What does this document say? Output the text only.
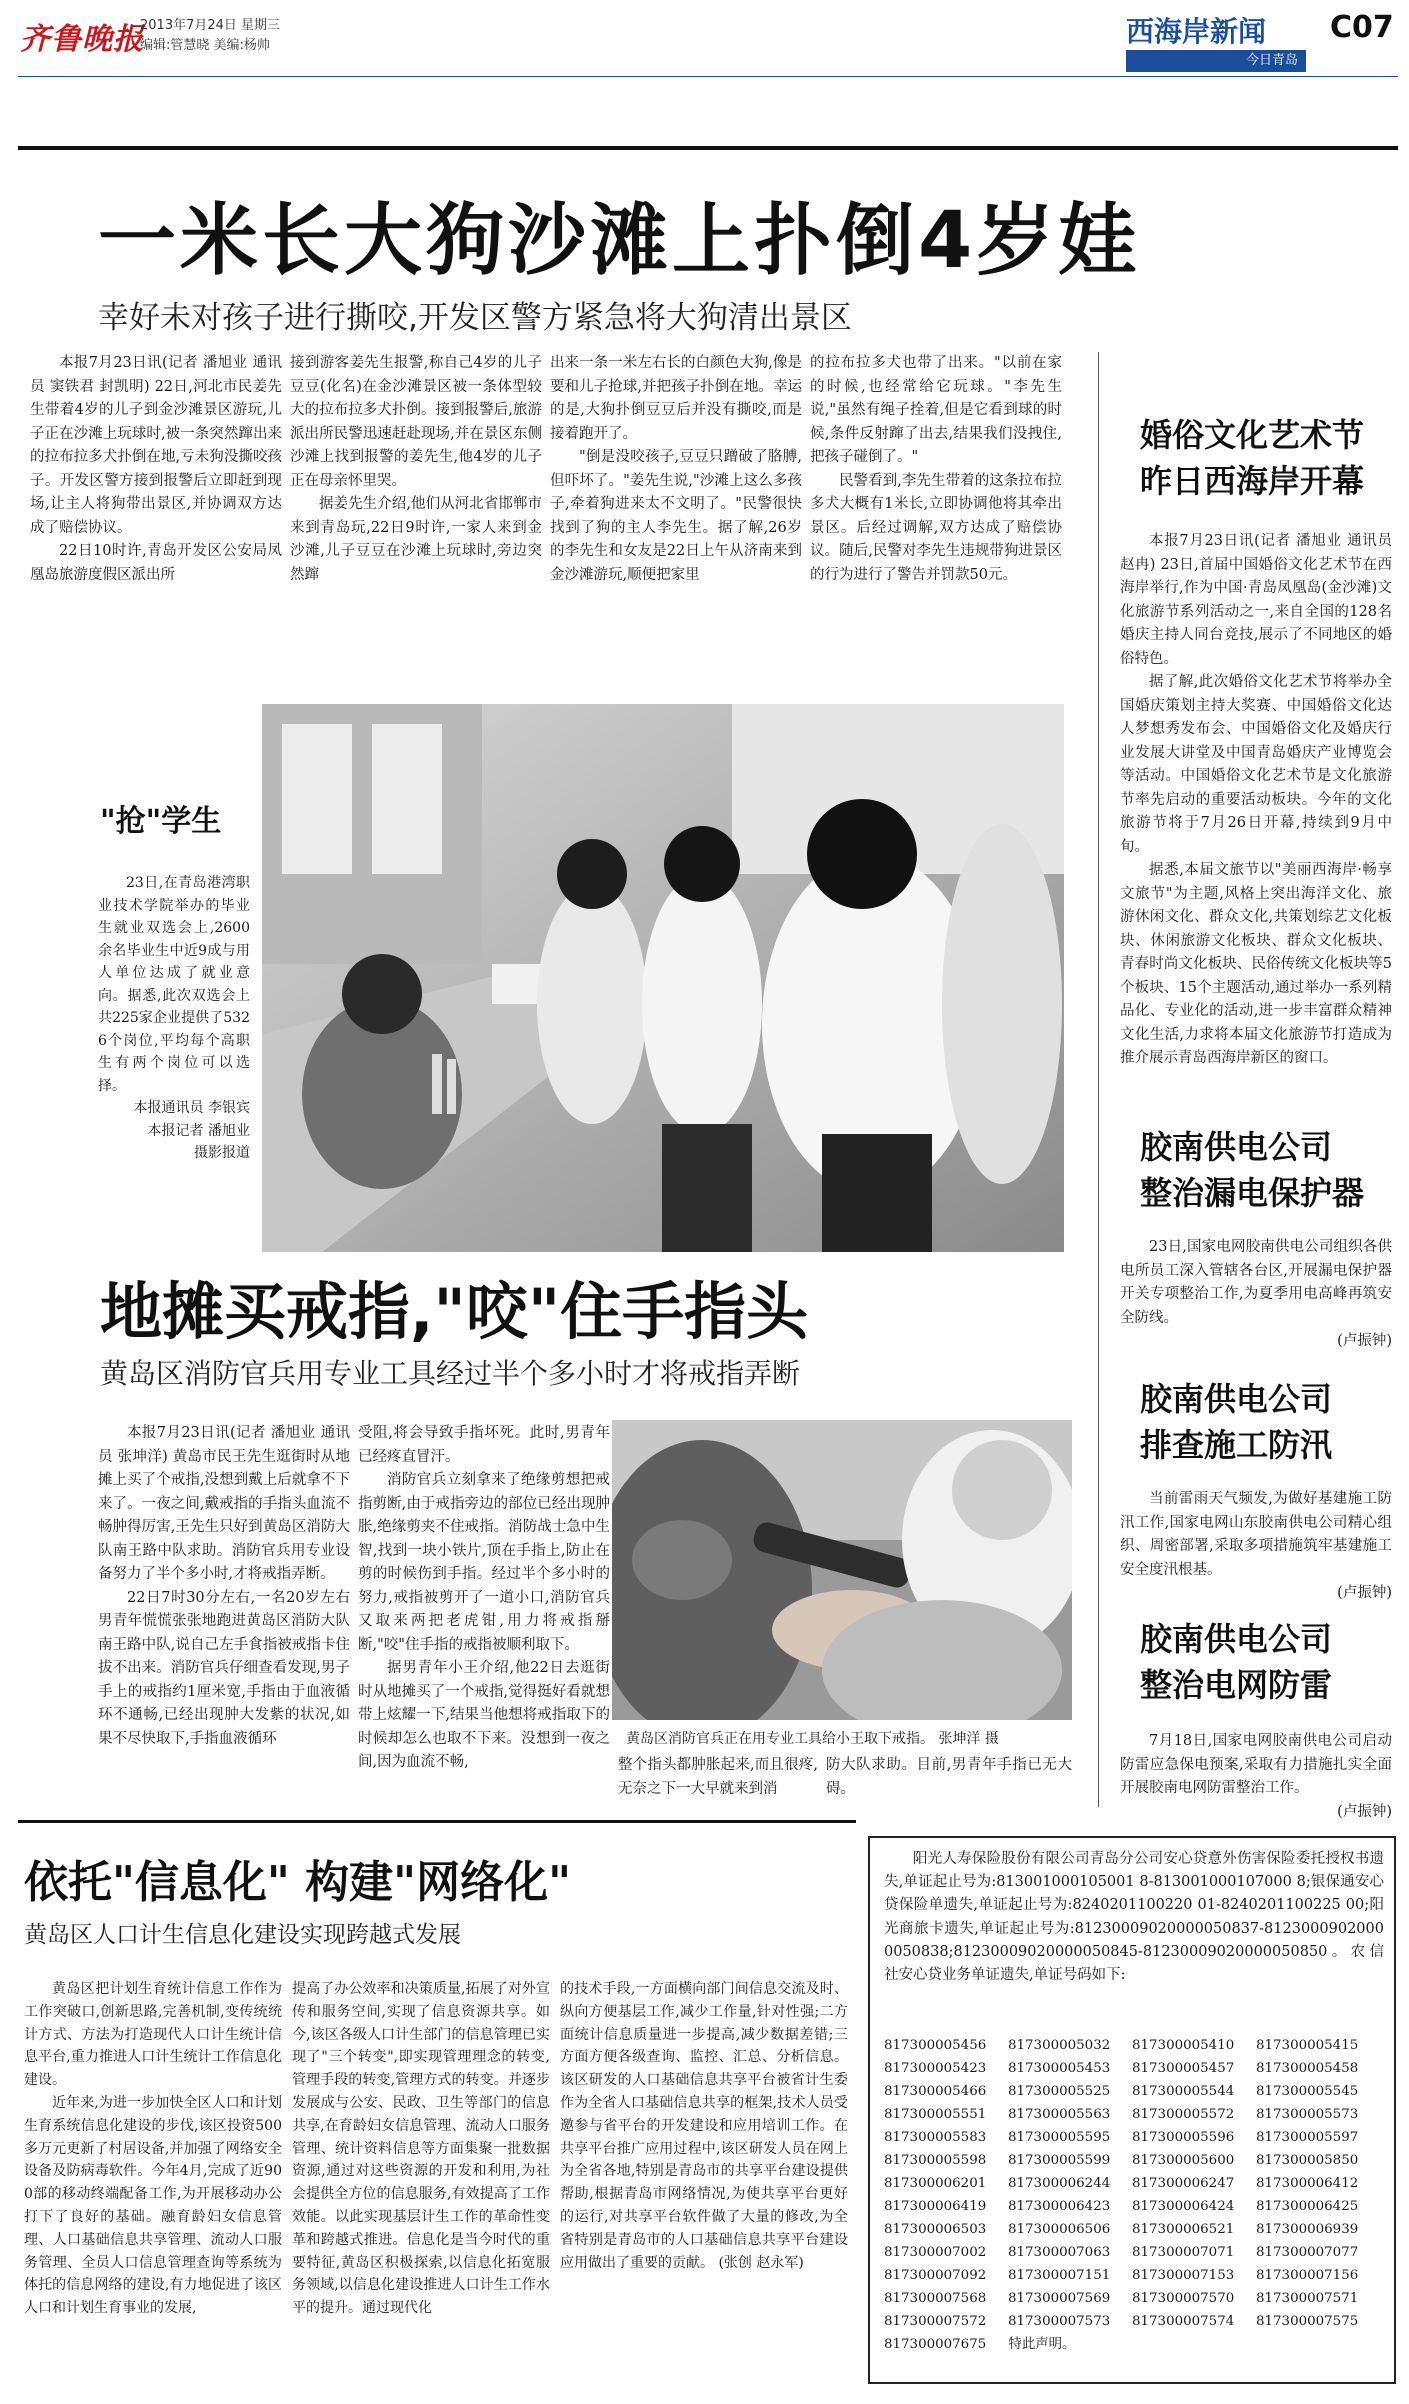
齐鲁晚报
2013年7月24日 星期三
编辑:管慧晓 美编:杨帅	西海岸新闻 C07
今日青岛
一米长大狗沙滩上扑倒4岁娃
幸好未对孩子进行撕咬,开发区警方紧急将大狗清出景区

本报7月23日讯(记者 潘旭业 通讯员 窦铁君 封凯明) 22日,河北市民姜先生带着4岁的儿子到金沙滩景区游玩,儿子正在沙滩上玩球时,被一条突然蹿出来的拉布拉多犬扑倒在地,亏未狗没撕咬孩子。开发区警方接到报警后立即赶到现场,让主人将狗带出景区,并协调双方达成了赔偿协议。

22日10时许,青岛开发区公安局凤凰岛旅游度假区派出所

接到游客姜先生报警,称自己4岁的儿子豆豆(化名)在金沙滩景区被一条体型较大的拉布拉多犬扑倒。接到报警后,旅游派出所民警迅速赶赴现场,并在景区东侧沙滩上找到报警的姜先生,他4岁的儿子正在母亲怀里哭。

据姜先生介绍,他们从河北省邯郸市来到青岛玩,22日9时许,一家人来到金沙滩,儿子豆豆在沙滩上玩球时,旁边突然蹿

出来一条一米左右长的白颜色大狗,像是要和儿子抢球,并把孩子扑倒在地。幸运的是,大狗扑倒豆豆后并没有撕咬,而是接着跑开了。

"倒是没咬孩子,豆豆只蹭破了胳膊,但吓坏了。"姜先生说,"沙滩上这么多孩子,牵着狗进来太不文明了。"民警很快找到了狗的主人李先生。据了解,26岁的李先生和女友是22日上午从济南来到金沙滩游玩,顺便把家里

的拉布拉多犬也带了出来。"以前在家的时候,也经常给它玩球。"李先生说,"虽然有绳子拴着,但是它看到球的时候,条件反射蹿了出去,结果我们没拽住,把孩子碰倒了。"

民警看到,李先生带着的这条拉布拉多犬大概有1米长,立即协调他将其牵出景区。后经过调解,双方达成了赔偿协议。随后,民警对李先生违规带狗进景区的行为进行了警告并罚款50元。

婚俗文化艺术节
昨日西海岸开幕

本报7月23日讯(记者 潘旭业 通讯员 赵冉) 23日,首届中国婚俗文化艺术节在西海岸举行,作为中国·青岛凤凰岛(金沙滩)文化旅游节系列活动之一,来自全国的128名婚庆主持人同台竞技,展示了不同地区的婚俗特色。

据了解,此次婚俗文化艺术节将举办全国婚庆策划主持大奖赛、中国婚俗文化达人梦想秀发布会、中国婚俗文化及婚庆行业发展大讲堂及中国青岛婚庆产业博览会等活动。中国婚俗文化艺术节是文化旅游节率先启动的重要活动板块。今年的文化旅游节将于7月26日开幕,持续到9月中旬。

据悉,本届文旅节以"美丽西海岸·畅享文旅节"为主题,风格上突出海洋文化、旅游休闲文化、群众文化,共策划综艺文化板块、休闲旅游文化板块、群众文化板块、青春时尚文化板块、民俗传统文化板块等5个板块、15个主题活动,通过举办一系列精品化、专业化的活动,进一步丰富群众精神文化生活,力求将本届文化旅游节打造成为推介展示青岛西海岸新区的窗口。

胶南供电公司
整治漏电保护器

23日,国家电网胶南供电公司组织各供电所员工深入管辖各台区,开展漏电保护器开关专项整治工作,为夏季用电高峰再筑安全防线。

(卢振钟)
胶南供电公司
排查施工防汛

当前雷雨天气频发,为做好基建施工防汛工作,国家电网山东胶南供电公司精心组织、周密部署,采取多项措施筑牢基建施工安全度汛根基。

(卢振钟)
胶南供电公司
整治电网防雷

7月18日,国家电网胶南供电公司启动防雷应急保电预案,采取有力措施扎实全面开展胶南电网防雷整治工作。

(卢振钟)
"抢"学生

23日,在青岛港湾职业技术学院举办的毕业生就业双选会上,2600余名毕业生中近9成与用人单位达成了就业意向。据悉,此次双选会上共225家企业提供了5326个岗位,平均每个高职生有两个岗位可以选择。

本报通讯员 李银宾
本报记者 潘旭业
摄影报道
地摊买戒指,"咬"住手指头
黄岛区消防官兵用专业工具经过半个多小时才将戒指弄断

本报7月23日讯(记者 潘旭业 通讯员 张坤洋) 黄岛市民王先生逛街时从地摊上买了个戒指,没想到戴上后就拿不下来了。一夜之间,戴戒指的手指头血流不畅肿得厉害,王先生只好到黄岛区消防大队南王路中队求助。消防官兵用专业设备努力了半个多小时,才将戒指弄断。

22日7时30分左右,一名20岁左右男青年慌慌张张地跑进黄岛区消防大队南王路中队,说自己左手食指被戒指卡住拔不出来。消防官兵仔细查看发现,男子手上的戒指约1厘米宽,手指由于血液循环不通畅,已经出现肿大发紫的状况,如果不尽快取下,手指血液循环

受阻,将会导致手指坏死。此时,男青年已经疼直冒汗。

消防官兵立刻拿来了绝缘剪想把戒指剪断,由于戒指旁边的部位已经出现肿胀,绝缘剪夹不住戒指。消防战士急中生智,找到一块小铁片,顶在手指上,防止在剪的时候伤到手指。经过半个多小时的努力,戒指被剪开了一道小口,消防官兵又取来两把老虎钳,用力将戒指掰断,"咬"住手指的戒指被顺利取下。

据男青年小王介绍,他22日去逛街时从地摊买了一个戒指,觉得挺好看就想带上炫耀一下,结果当他想将戒指取下的时候却怎么也取不下来。没想到一夜之间,因为血流不畅,

黄岛区消防官兵正在用专业工具给小王取下戒指。 张坤洋 摄

整个指头都肿胀起来,而且很疼,无奈之下一大早就来到消

防大队求助。目前,男青年手指已无大碍。

依托"信息化" 构建"网络化"
黄岛区人口计生信息化建设实现跨越式发展

黄岛区把计划生育统计信息工作作为工作突破口,创新思路,完善机制,变传统统计方式、方法为打造现代人口计生统计信息平台,重力推进人口计生统计工作信息化建设。

近年来,为进一步加快全区人口和计划生育系统信息化建设的步伐,该区投资500多万元更新了村居设备,并加强了网络安全设备及防病毒软件。今年4月,完成了近900部的移动终端配备工作,为开展移动办公打下了良好的基础。融育龄妇女信息管理、人口基础信息共享管理、流动人口服务管理、全员人口信息管理查询等系统为体托的信息网络的建设,有力地促进了该区人口和计划生育事业的发展,

提高了办公效率和决策质量,拓展了对外宣传和服务空间,实现了信息资源共享。如今,该区各级人口计生部门的信息管理已实现了"三个转变",即实现管理理念的转变,管理手段的转变,管理方式的转变。并逐步发展成与公安、民政、卫生等部门的信息共享,在育龄妇女信息管理、流动人口服务管理、统计资料信息等方面集聚一批数据资源,通过对这些资源的开发和利用,为社会提供全方位的信息服务,有效提高了工作效能。以此实现基层计生工作的革命性变革和跨越式推进。信息化是当今时代的重要特征,黄岛区积极探索,以信息化拓宽服务领域,以信息化建设推进人口计生工作水平的提升。通过现代化

的技术手段,一方面横向部门间信息交流及时、纵向方便基层工作,减少工作量,针对性强;二方面统计信息质量进一步提高,减少数据差错;三方面方便各级查询、监控、汇总、分析信息。该区研发的人口基础信息共享平台被省计生委作为全省人口基础信息共享的框架,技术人员受邀参与省平台的开发建设和应用培训工作。在共享平台推广应用过程中,该区研发人员在网上为全省各地,特别是青岛市的共享平台建设提供帮助,根据青岛市网络情况,为使共享平台更好的运行,对共享平台软件做了大量的修改,为全省特别是青岛市的人口基础信息共享平台建设应用做出了重要的贡献。 (张创 赵永军)

阳光人寿保险股份有限公司青岛分公司安心贷意外伤害保险委托授权书遗失,单证起止号为:813001000105001 8-813001000107000 8;银保通安心贷保险单遗失,单证起止号为:8240201100220 01-8240201100225 00;阳光商旅卡遗失,单证起止号为:81230009020000050837-81230009020000050838;81230009020000050845-81230009020000050850。农信社安心贷业务单证遗失,单证号码如下:
817300005456 817300005032 817300005410 817300005415
817300005423 817300005453 817300005457 817300005458
817300005466 817300005525 817300005544 817300005545
817300005551 817300005563 817300005572 817300005573
817300005583 817300005595 817300005596 817300005597
817300005598 817300005599 817300005600 817300005850
817300006201 817300006244 817300006247 817300006412
817300006419 817300006423 817300006424 817300006425
817300006503 817300006506 817300006521 817300006939
817300007002 817300007063 817300007071 817300007077
817300007092 817300007151 817300007153 817300007156
817300007568 817300007569 817300007570 817300007571
817300007572 817300007573 817300007574 817300007575
817300007675 特此声明。
